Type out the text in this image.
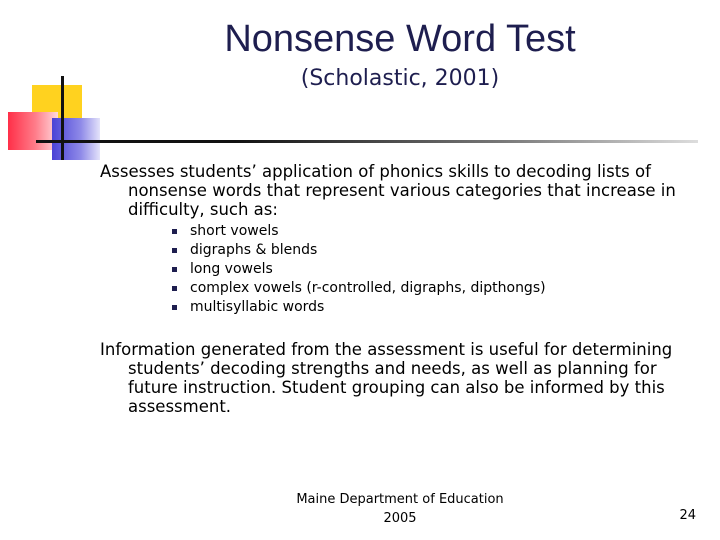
Nonsense Word Test
(Scholastic, 2001)
Assesses students’ application of phonics skills to decoding lists of nonsense words that represent various categories that increase in difficulty, such as:
short vowels
digraphs & blends
long vowels
complex vowels (r-controlled, digraphs, dipthongs)
multisyllabic words
Information generated from the assessment is useful for determining students’ decoding strengths and needs, as well as planning for future instruction. Student grouping can also be informed by this assessment.
Maine Department of Education
2005	24
